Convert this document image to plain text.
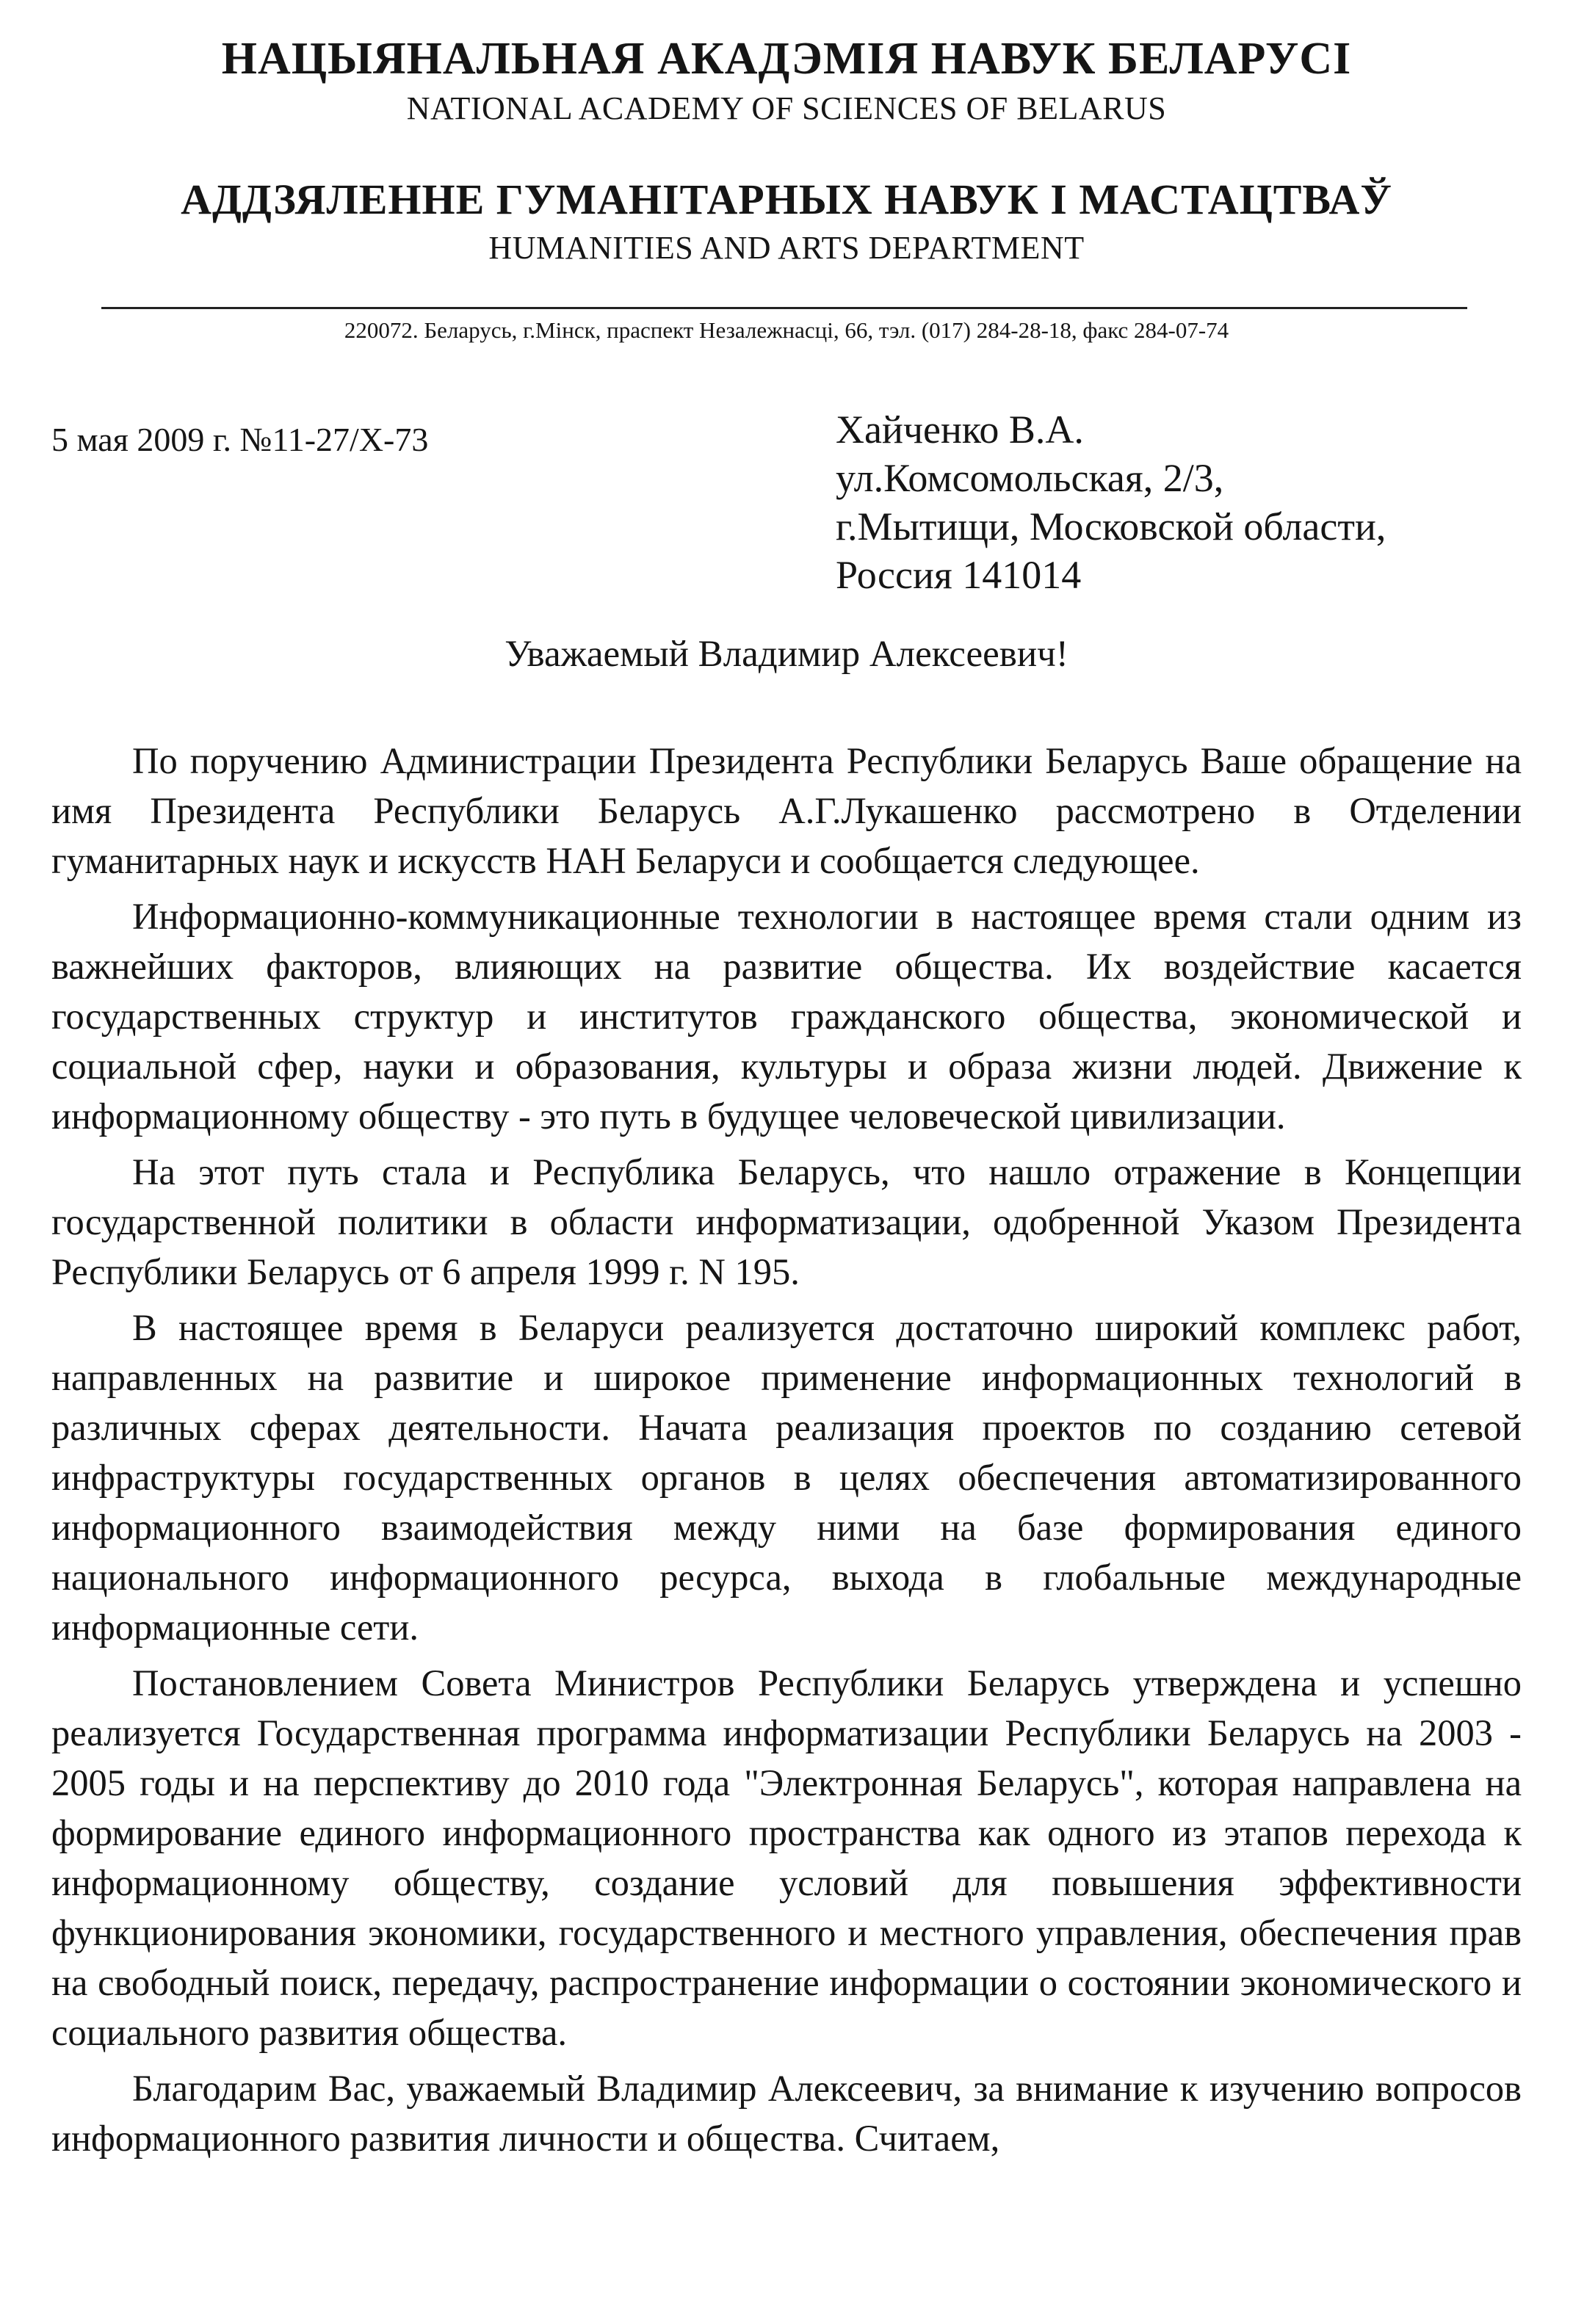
НАЦЫЯНАЛЬНАЯ АКАДЭМІЯ НАВУК БЕЛАРУСІ
NATIONAL ACADEMY OF SCIENCES OF BELARUS
АДДЗЯЛЕННЕ ГУМАНІТАРНЫХ НАВУК І МАСТАЦТВАЎ
HUMANITIES AND ARTS DEPARTMENT
220072. Беларусь, г.Мінск, праспект Незалежнасці, 66, тэл. (017) 284-28-18, факс 284-07-74
5 мая 2009 г. №11-27/X-73	Хайченко В.А.
ул.Комсомольская, 2/3,
г.Мытищи, Московской области,
Россия 141014
Уважаемый Владимир Алексеевич!

По поручению Администрации Президента Республики Беларусь Ваше обращение на имя Президента Республики Беларусь А.Г.Лукашенко рассмотрено в Отделении гуманитарных наук и искусств НАН Беларуси и сообщается следующее.

Информационно-коммуникационные технологии в настоящее время стали одним из важнейших факторов, влияющих на развитие общества. Их воздействие касается государственных структур и институтов гражданского общества, экономической и социальной сфер, науки и образования, культуры и образа жизни людей. Движение к информационному обществу - это путь в будущее человеческой цивилизации.

На этот путь стала и Республика Беларусь, что нашло отражение в Концепции государственной политики в области информатизации, одобренной Указом Президента Республики Беларусь от 6 апреля 1999 г. N 195.

В настоящее время в Беларуси реализуется достаточно широкий комплекс работ, направленных на развитие и широкое применение информационных технологий в различных сферах деятельности. Начата реализация проектов по созданию сетевой инфраструктуры государственных органов в целях обеспечения автоматизированного информационного взаимодействия между ними на базе формирования единого национального информационного ресурса, выхода в глобальные международные информационные сети.

Постановлением Совета Министров Республики Беларусь утверждена и успешно реализуется Государственная программа информатизации Республики Беларусь на 2003 - 2005 годы и на перспективу до 2010 года "Электронная Беларусь", которая направлена на формирование единого информационного пространства как одного из этапов перехода к информационному обществу, создание условий для повышения эффективности функционирования экономики, государственного и местного управления, обеспечения прав на свободный поиск, передачу, распространение информации о состоянии экономического и социального развития общества.

Благодарим Вас, уважаемый Владимир Алексеевич, за внимание к изучению вопросов информационного развития личности и общества. Считаем,
